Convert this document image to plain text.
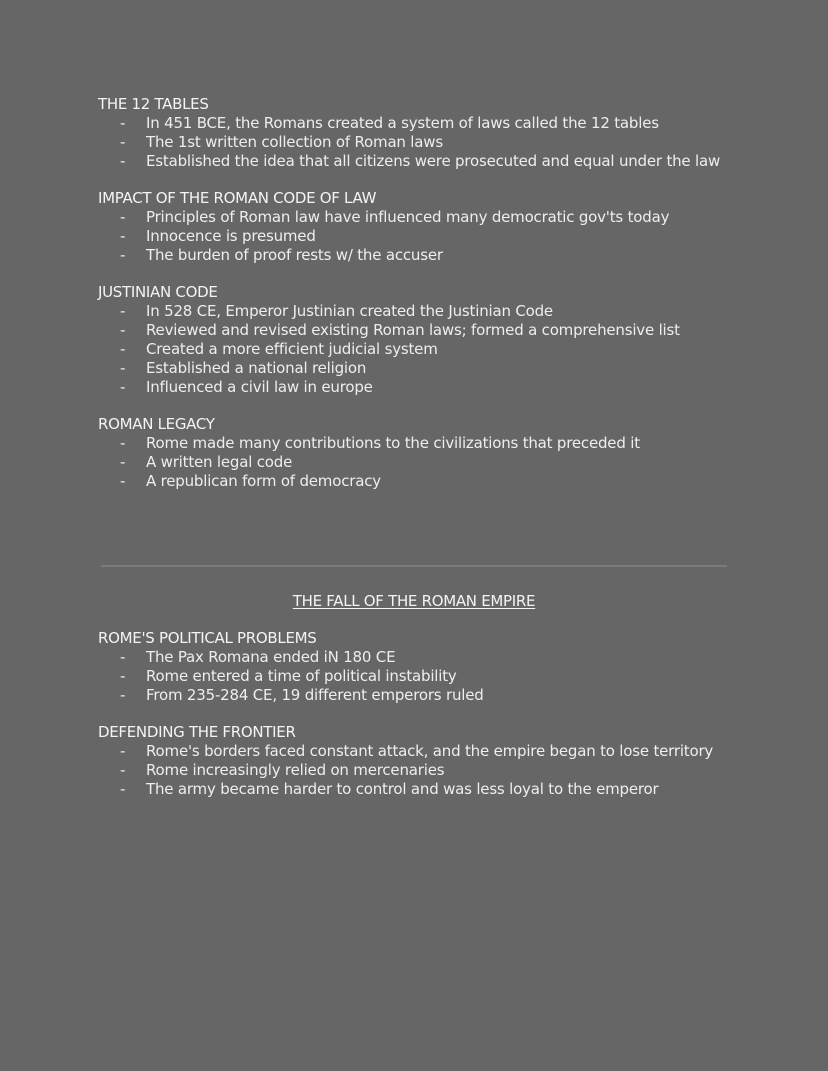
THE 12 TABLES
- In 451 BCE, the Romans created a system of laws called the 12 tables
- The 1st written collection of Roman laws
- Established the idea that all citizens were prosecuted and equal under the law
IMPACT OF THE ROMAN CODE OF LAW
- Principles of Roman law have influenced many democratic gov'ts today
- Innocence is presumed
- The burden of proof rests w/ the accuser
JUSTINIAN CODE
- In 528 CE, Emperor Justinian created the Justinian Code
- Reviewed and revised existing Roman laws; formed a comprehensive list
- Created a more efficient judicial system
- Established a national religion
- Influenced a civil law in europe
ROMAN LEGACY
- Rome made many contributions to the civilizations that preceded it
- A written legal code
- A republican form of democracy
THE FALL OF THE ROMAN EMPIRE
ROME'S POLITICAL PROBLEMS
- The Pax Romana ended iN 180 CE
- Rome entered a time of political instability
- From 235-284 CE, 19 different emperors ruled
DEFENDING THE FRONTIER
- Rome's borders faced constant attack, and the empire began to lose territory
- Rome increasingly relied on mercenaries
- The army became harder to control and was less loyal to the emperor
